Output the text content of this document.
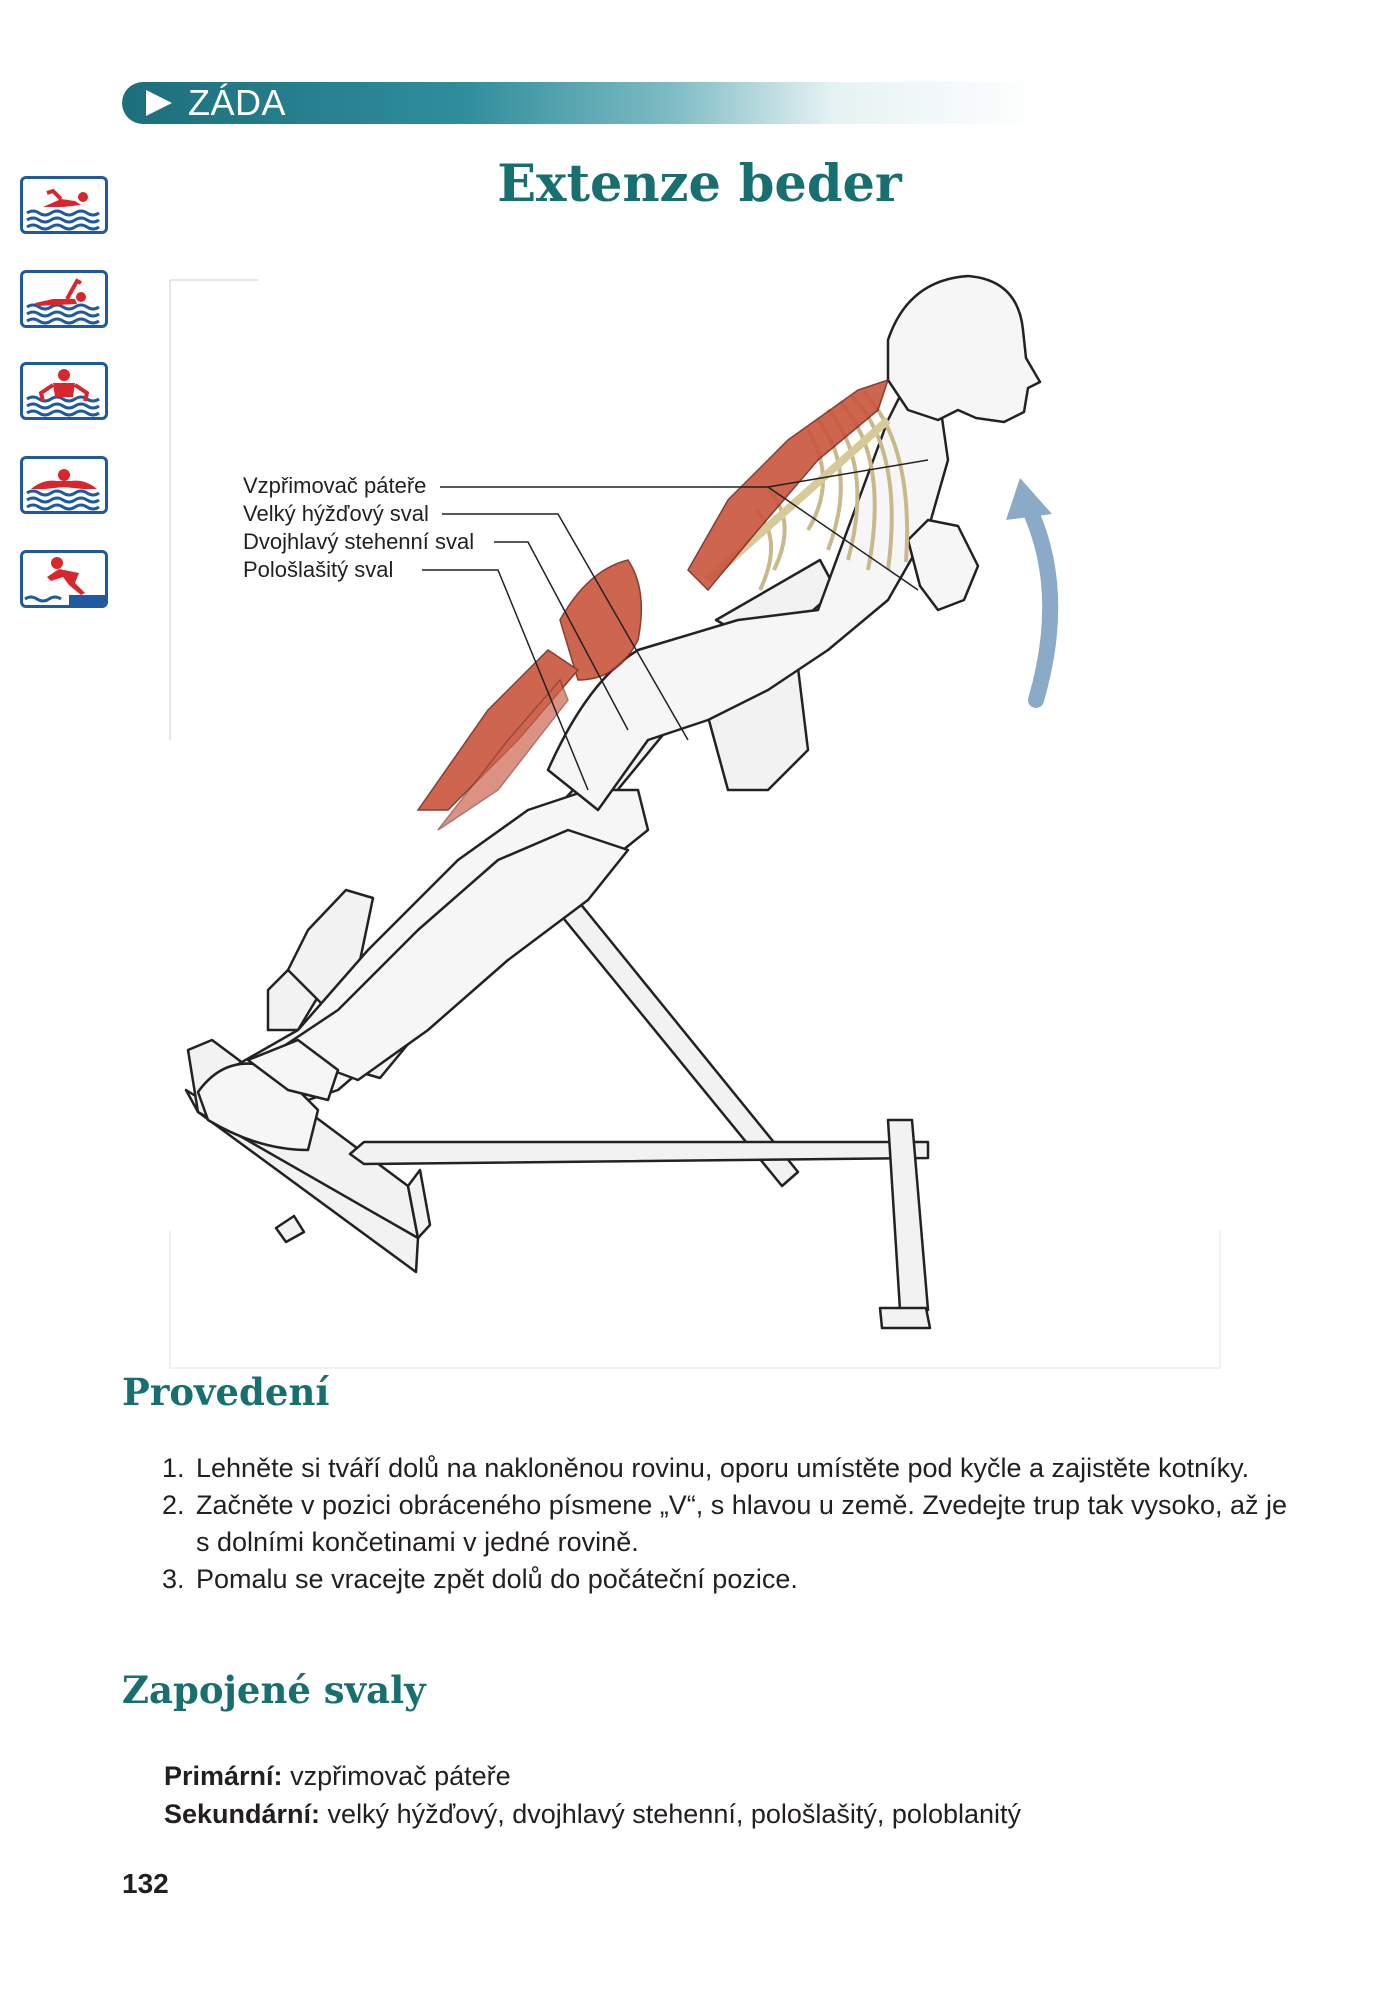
ZÁDA
Extenze beder
Vzpřimovač páteře
Velký hýžďový sval
Dvojhlavý stehenní sval
Pološlašitý sval
Provedení
1. Lehněte si tváří dolů na nakloněnou rovinu, oporu umístěte pod kyčle a zajistěte kotníky.
2. Začněte v pozici obráceného písmene „V“, s hlavou u země. Zvedejte trup tak vysoko, až je s dolními končetinami v jedné rovině.
3. Pomalu se vracejte zpět dolů do počáteční pozice.
Zapojené svaly
Primární: vzpřimovač páteře
Sekundární: velký hýžďový, dvojhlavý stehenní, pološlašitý, poloblanitý
132
